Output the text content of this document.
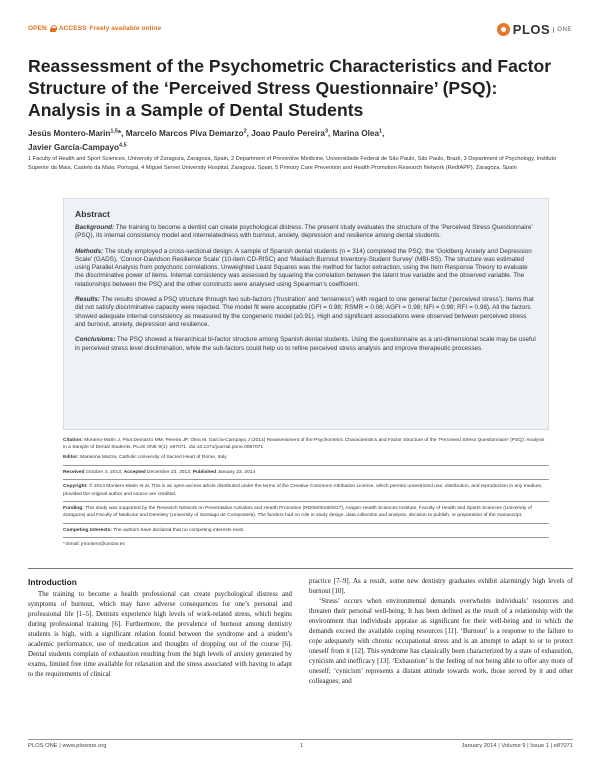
OPEN ACCESS Freely available online	PLOS	ONE
Reassessment of the Psychometric Characteristics and Factor Structure of the ‘Perceived Stress Questionnaire’ (PSQ): Analysis in a Sample of Dental Students
Jesús Montero-Marin$^{1,5}$*, Marcelo Marcos Piva Demarzo$^2$, Joao Paulo Pereira$^3$, Marina Olea$^1$,
Javier García-Campayo$^{4,5}$
1 Faculty of Health and Sport Sciences, University of Zaragoza, Zaragoza, Spain, 2 Department of Preventive Medicine, Universidade Federal de São Paulo, São Paulo, Brazil, 3 Department of Psychology, Instituto Superior da Maia, Castelo da Maia, Portugal, 4 Miguel Servet University Hospital, Zaragoza, Spain, 5 Primary Care Prevention and Health Promotion Research Network (RedIAPP), Zaragoza, Spain
Abstract

Background: The training to become a dentist can create psychological distress. The present study evaluates the structure of the ‘Perceived Stress Questionnaire’ (PSQ), its internal consistency model and interrelatedness with burnout, anxiety, depression and resilience among dental students.

Methods: The study employed a cross-sectional design. A sample of Spanish dental students (n = 314) completed the PSQ, the ‘Goldberg Anxiety and Depression Scale’ (GADS), ‘Connor-Davidson Resilience Scale’ (10-item CD-RISC) and ‘Maslach Burnout Inventory-Student Survey’ (MBI-SS). The structure was estimated using Parallel Analysis from polychoric correlations. Unweighted Least Squares was the method for factor extraction, using the Item Response Theory to evaluate the discriminative power of items. Internal consistency was assessed by squaring the correlation between the latent true variable and the observed variable. The relationships between the PSQ and the other constructs were analysed using Spearman’s coefficient.

Results: The results showed a PSQ structure through two sub-factors (‘frustration’ and ‘tenseness’) with regard to one general factor (‘perceived stress’). Items that did not satisfy discriminative capacity were rejected. The model fit were acceptable (GFI = 0.98; RSMR = 0.06; AGFI = 0.98; NFI = 0.98; RFI = 0.98). All the factors showed adequate internal consistency as measured by the congeneric model (≥0.91). High and significant associations were observed between perceived stress and burnout, anxiety, depression and resilience.

Conclusions: The PSQ showed a hierarchical bi-factor structure among Spanish dental students. Using the questionnaire as a uni-dimensional scale may be useful in perceived stress level disclimination, while the sub-factors could help us to refine perceived stress analysis and improve therapeutic processes.

Citation: Montero-Marin J, Piva Demarzo MM, Pereira JP, Olea M, García-Campayo J (2014) Reassessment of the Psychometric Characteristics and Factor Structure of the ‘Perceived Stress Questionnaire’ (PSQ): Analysis in a Sample of Dental Students. PLoS ONE 9(1): e87071. doi:10.1371/journal.pone.0087071
Editor: Marianna Mazza, Catholic University of Sacred Heart of Rome, Italy
Received October 4, 2013; Accepted December 23, 2013; Published January 23, 2014
Copyright: © 2014 Montero-Marin et al. This is an open-access article distributed under the terms of the Creative Commons Attribution License, which permits unrestricted use, distribution, and reproduction in any medium, provided the original author and source are credited.
Funding: This study was supported by the Research Network on Preventative Activities and Health Promotion (RD06/0018/0017), Aragon Health Sciences Institute, Faculty of Health and Sports Sciences (University of Zaragoza) and Faculty of Medicine and Dentistry (University of Santiago de Compostela). The funders had no role in study design, data collection and analysis, decision to publish, or preparation of the manuscript.
Competing Interests: The authors have declared that no competing interests exist.
* Email: jmontero@unizar.es
Introduction

The training to become a health professional can create psychological distress and symptoms of burnout, which may have adverse consequences for one’s personal and professional life [1–5]. Dentists experience high levels of work-related stress, which begins during professional training [6]. Furthermore, the prevalence of burnout among dentistry students is high, with a significant relation found between the syndrome and a student’s academic performance, use of medication and thoughts of dropping out of the course [6]. Dental students complain of exhaustion resulting from the high levels of anxiety generated by exams, limited free time available for relaxation and the stress associated with having to adapt to the requirements of clinical

practice [7–9]. As a result, some new dentistry graduates exhibit alarmingly high levels of burnout [10].

‘Stress’ occurs when environmental demands overwhelm individuals’ resources and threaten their personal well-being. It has been defined as the result of a relationship with the environment that individuals appraise as significant for their well-being and in which the demands exceed the available coping resources [11]. ‘Burnout’ is a response to the failure to cope adequately with chronic occupational stress and is an attempt to adapt to or to protect oneself from it [12]. This syndrome has classically been characterized by a state of exhaustion, cynicism and inefficacy [13]. ‘Exhaustion’ is the feeling of not being able to offer any more of oneself; ‘cynicism’ represents a distant attitude towards work, those served by it and other colleagues; and

PLOS ONE | www.plosone.org	1	January 2014 | Volume 9 | Issue 1 | e87071
